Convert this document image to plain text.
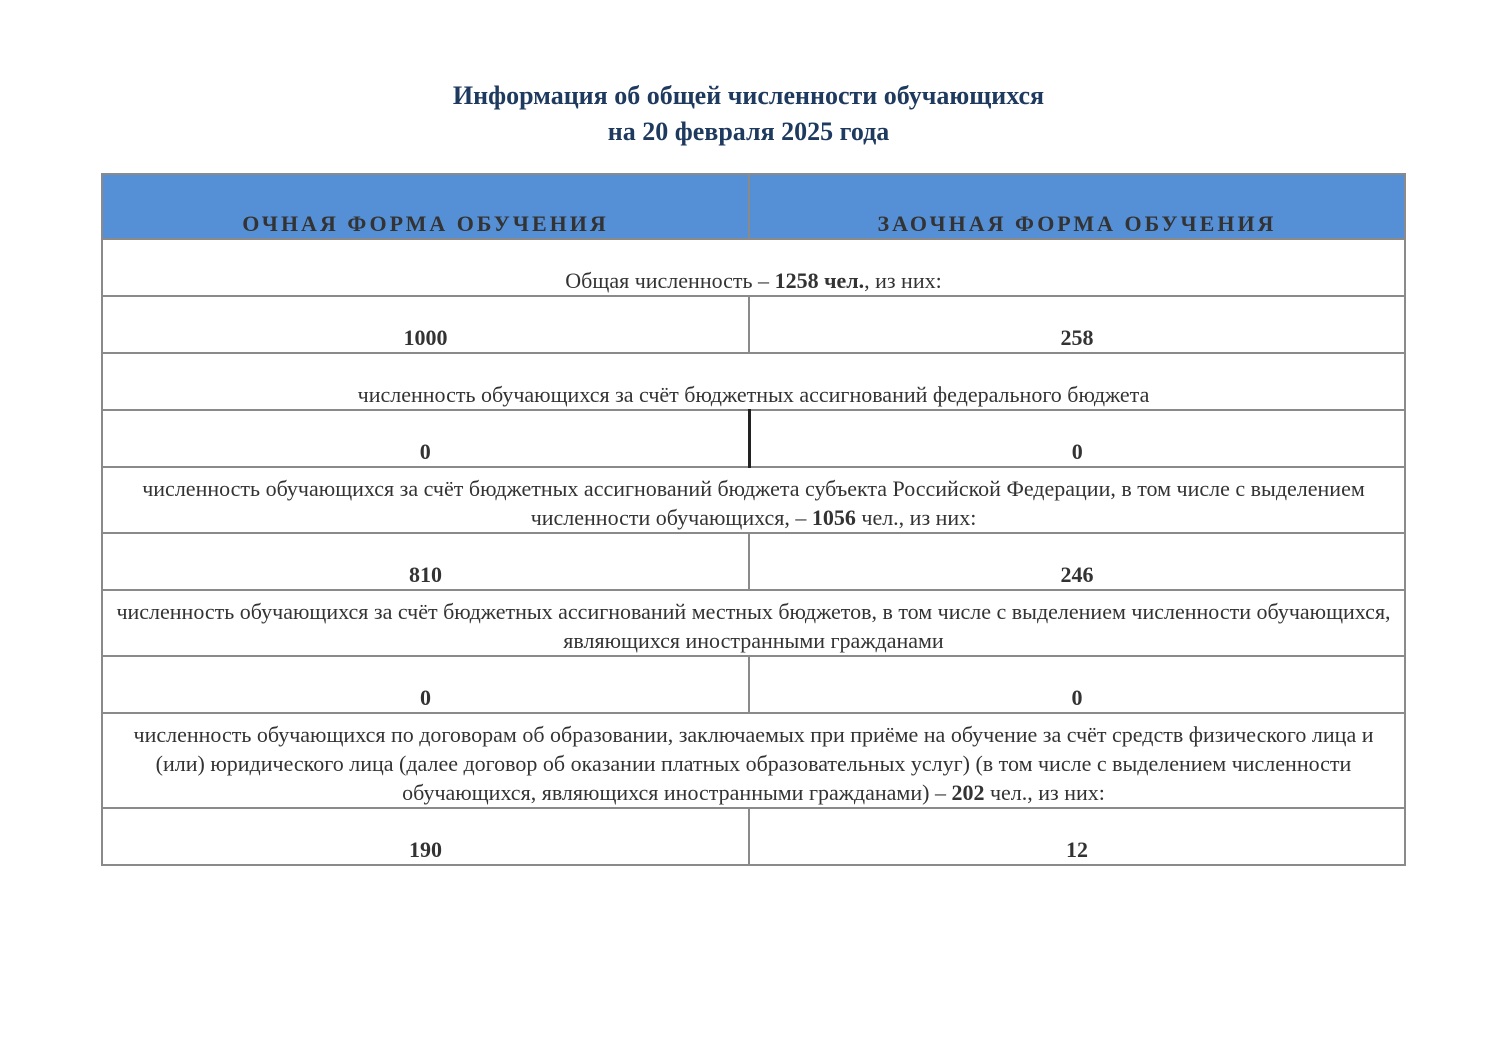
Информация об общей численности обучающихся
на 20 февраля 2025 года
ОЧНАЯ ФОРМА ОБУЧЕНИЯ	ЗАОЧНАЯ ФОРМА ОБУЧЕНИЯ
Общая численность – 1258 чел., из них:	
1000	258
численность обучающихся за счёт бюджетных ассигнований федерального бюджета	
0	0
численность обучающихся за счёт бюджетных ассигнований бюджета субъекта Российской Федерации, в том числе с выделением численности обучающихся, – 1056 чел., из них:	
810	246
численность обучающихся за счёт бюджетных ассигнований местных бюджетов, в том числе с выделением численности обучающихся, являющихся иностранными гражданами	
0	0
численность обучающихся по договорам об образовании, заключаемых при приёме на обучение за счёт средств физического лица и (или) юридического лица (далее договор об оказании платных образовательных услуг) (в том числе с выделением численности обучающихся, являющихся иностранными гражданами) – 202 чел., из них:	
190	12
